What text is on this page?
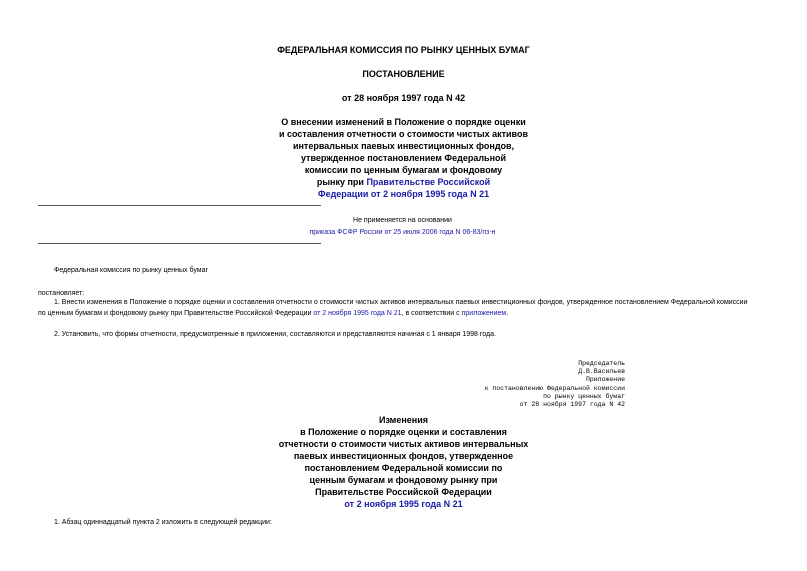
ФЕДЕРАЛЬНАЯ КОМИССИЯ ПО РЫНКУ ЦЕННЫХ БУМАГ
ПОСТАНОВЛЕНИЕ
от 28 ноября 1997 года N 42
О внесении изменений в Положение о порядке оценки
и составления отчетности о стоимости чистых активов
интервальных паевых инвестиционных фондов,
утвержденное постановлением Федеральной
комиссии по ценным бумагам и фондовому
рынку при Правительстве Российской
Федерации от 2 ноября 1995 года N 21
Не применяется на основании
приказа ФСФР России от 25 июля 2006 года N 06-83/пз-н
Федеральная комиссия по рынку ценных бумаг
постановляет:
1. Внести изменения в Положение о порядке оценки и составления отчетности о стоимости чистых активов интервальных паевых инвестиционных фондов, утвержденное постановлением Федеральной комиссии
по ценным бумагам и фондовому рынку при Правительстве Российской Федерации от 2 ноября 1995 года N 21, в соответствии с приложением.
2. Установить, что формы отчетности, предусмотренные в приложении, составляются и представляются начиная с 1 января 1998 года.
Председатель
Д.В.Васильев
Приложение
к постановлению Федеральной комиссии
по рынку ценных бумаг
от 28 ноября 1997 года N 42
Изменения
в Положение о порядке оценки и составления
отчетности о стоимости чистых активов интервальных
паевых инвестиционных фондов, утвержденное
постановлением Федеральной комиссии по
ценным бумагам и фондовому рынку при
Правительстве Российской Федерации
от 2 ноября 1995 года N 21
1. Абзац одиннадцатый пункта 2 изложить в следующей редакции:
